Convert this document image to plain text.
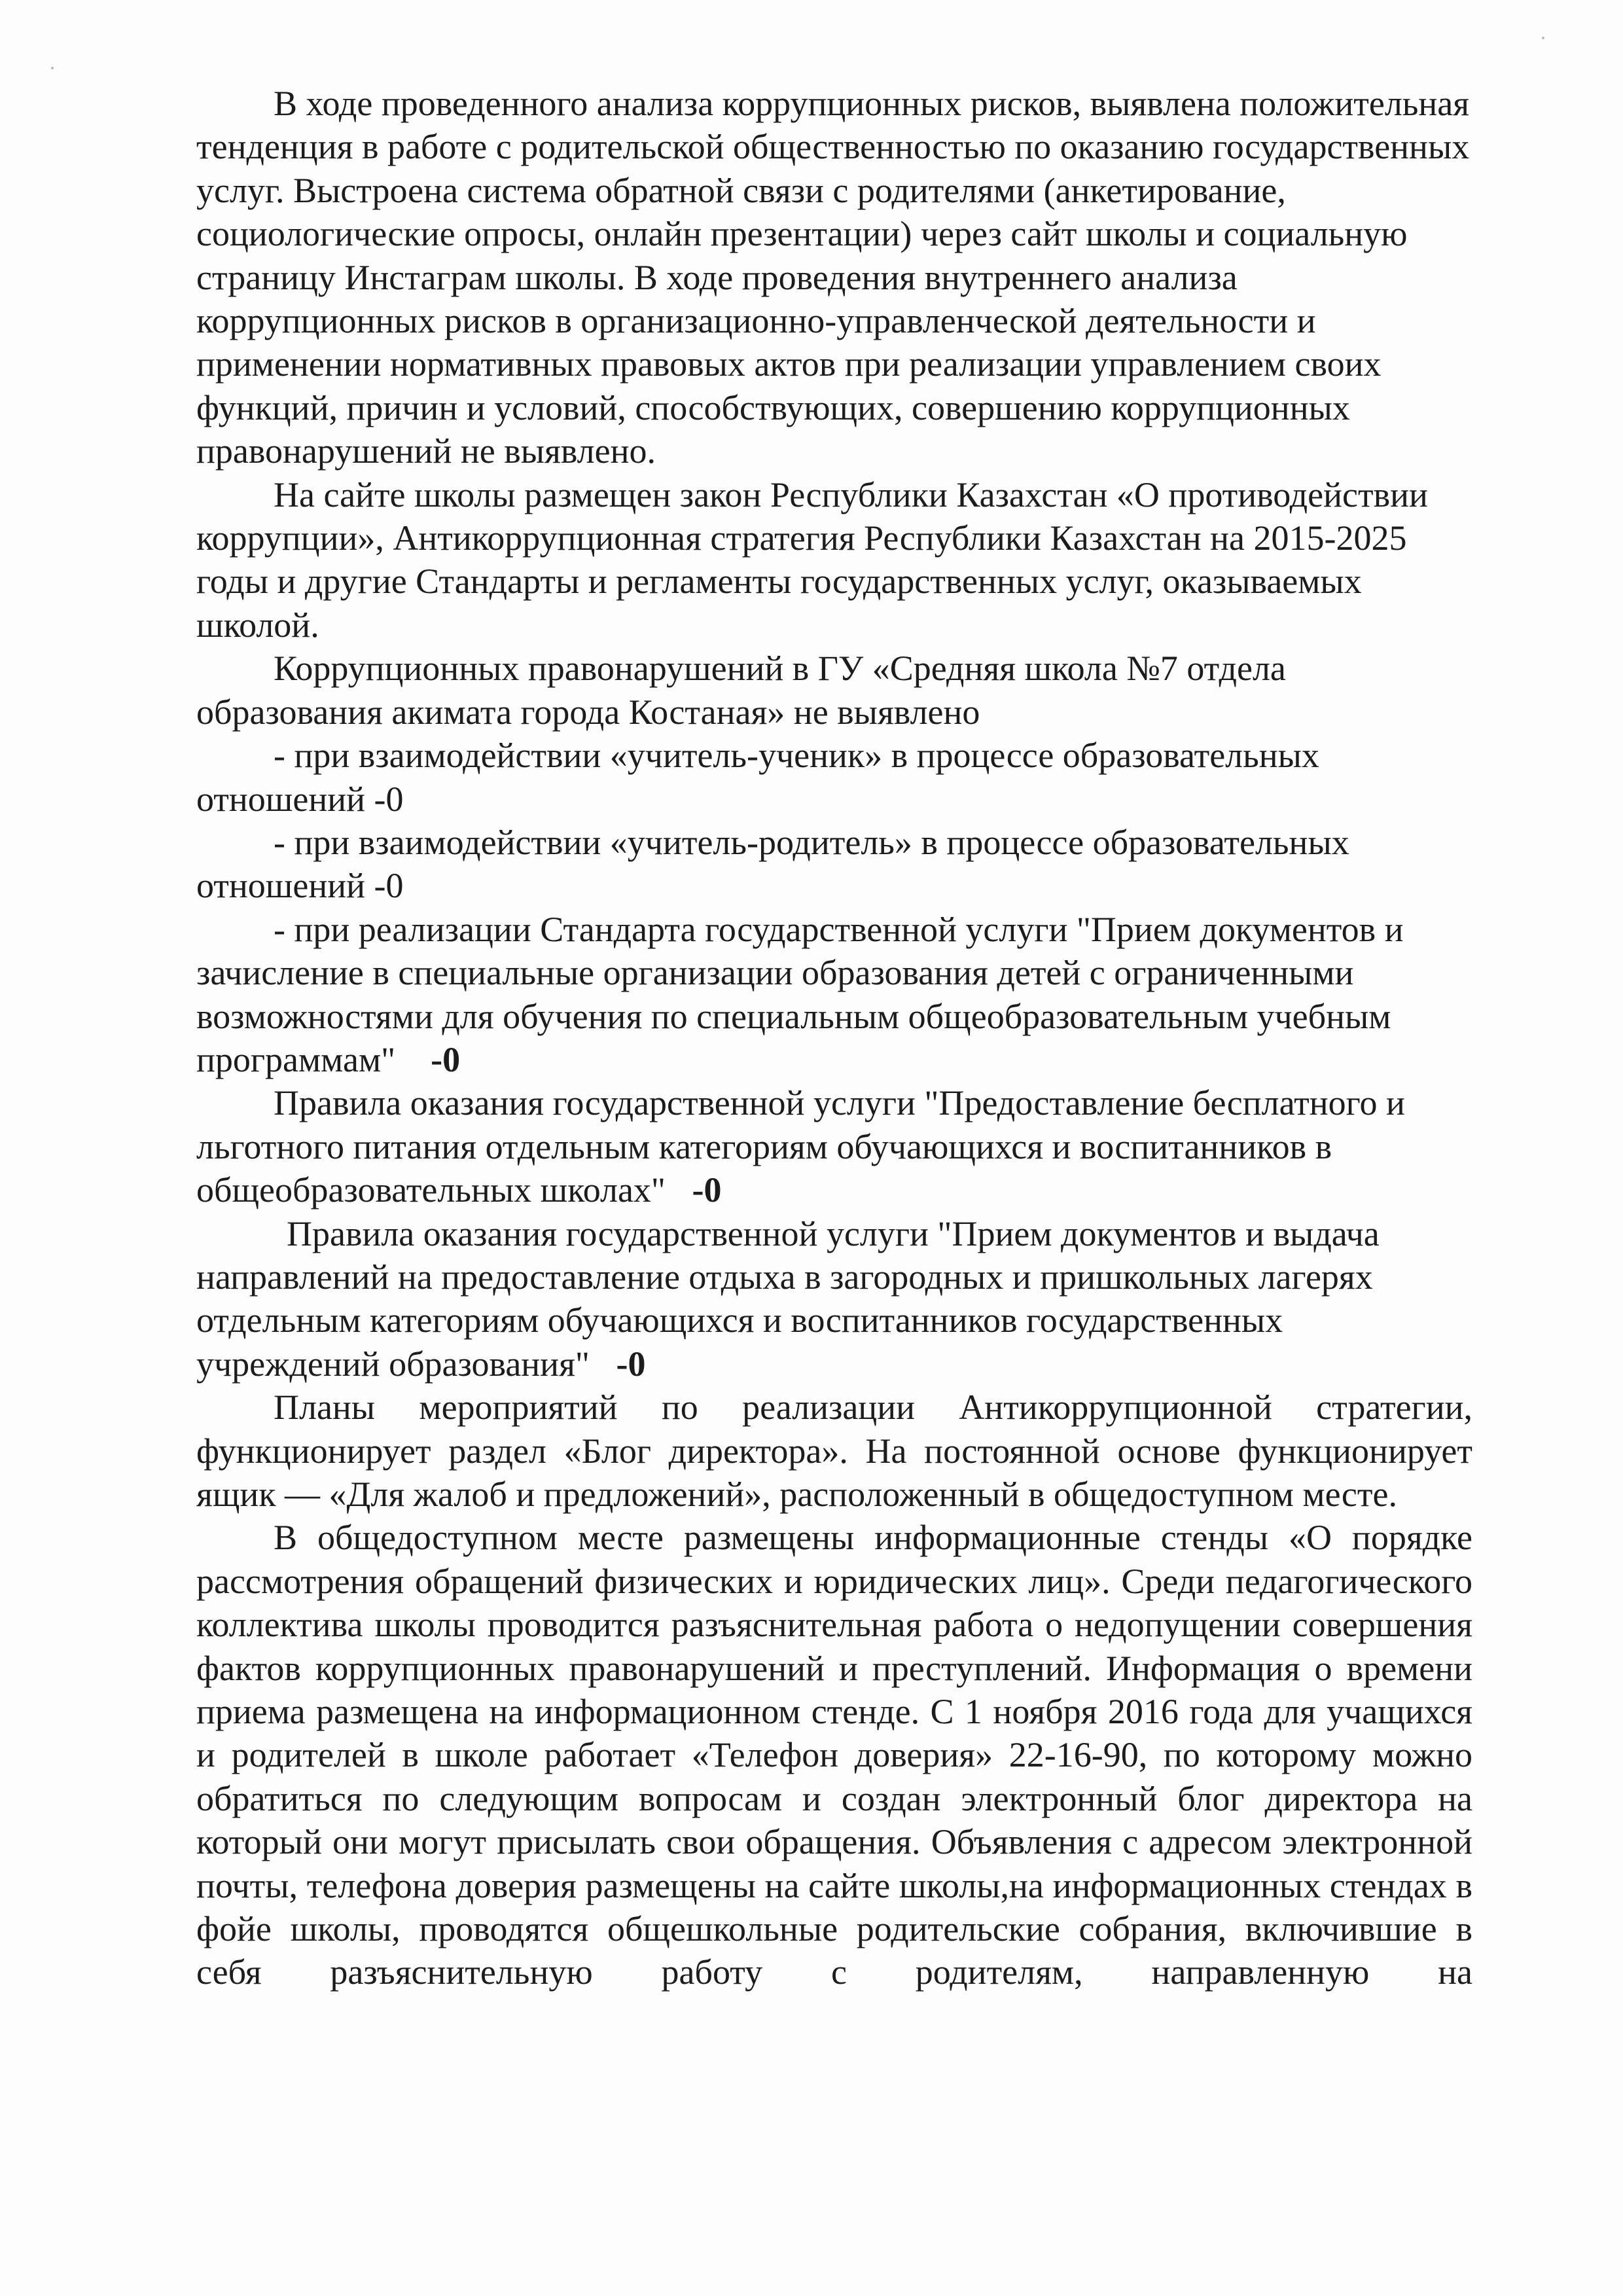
В ходе проведенного анализа коррупционных рисков, выявлена положительная тенденция в работе с родительской общественностью по оказанию государственных услуг. Выстроена система обратной связи с родителями (анкетирование, социологические опросы, онлайн презентации) через сайт школы и социальную страницу Инстаграм школы. В ходе проведения внутреннего анализа коррупционных рисков в организационно-управленческой деятельности и применении нормативных правовых актов при реализации управлением своих функций, причин и условий, способствующих, совершению коррупционных правонарушений не выявлено.

На сайте школы размещен закон Республики Казахстан «О противодействии коррупции», Антикоррупционная стратегия Республики Казахстан на 2015-2025 годы и другие Стандарты и регламенты государственных услуг, оказываемых школой.

Коррупционных правонарушений в ГУ «Средняя школа №7 отдела образования акимата города Костаная» не выявлено

- при взаимодействии «учитель-ученик» в процессе образовательных отношений -0

- при взаимодействии «учитель-родитель» в процессе образовательных отношений -0

- при реализации Стандарта государственной услуги "Прием документов и зачисление в специальные организации образования детей с ограниченными возможностями для обучения по специальным общеобразовательным учебным программам" -0

Правила оказания государственной услуги "Предоставление бесплатного и льготного питания отдельным категориям обучающихся и воспитанников в общеобразовательных школах" -0

Правила оказания государственной услуги "Прием документов и выдача направлений на предоставление отдыха в загородных и пришкольных лагерях отдельным категориям обучающихся и воспитанников государственных учреждений образования" -0

Планы мероприятий по реализации Антикоррупционной стратегии, функционирует раздел «Блог директора». На постоянной основе функционирует ящик — «Для жалоб и предложений», расположенный в общедоступном месте.

В общедоступном месте размещены информационные стенды «О порядке рассмотрения обращений физических и юридических лиц». Среди педагогического коллектива школы проводится разъяснительная работа о недопущении совершения фактов коррупционных правонарушений и преступлений. Информация о времени приема размещена на информационном стенде. С 1 ноября 2016 года для учащихся и родителей в школе работает «Телефон доверия» 22-16-90, по которому можно обратиться по следующим вопросам и создан электронный блог директора на который они могут присылать свои обращения. Объявления с адресом электронной почты, телефона доверия размещены на сайте школы,на информационных стендах в фойе школы, проводятся общешкольные родительские собрания, включившие в себя разъяснительную работу с родителям, направленную на
